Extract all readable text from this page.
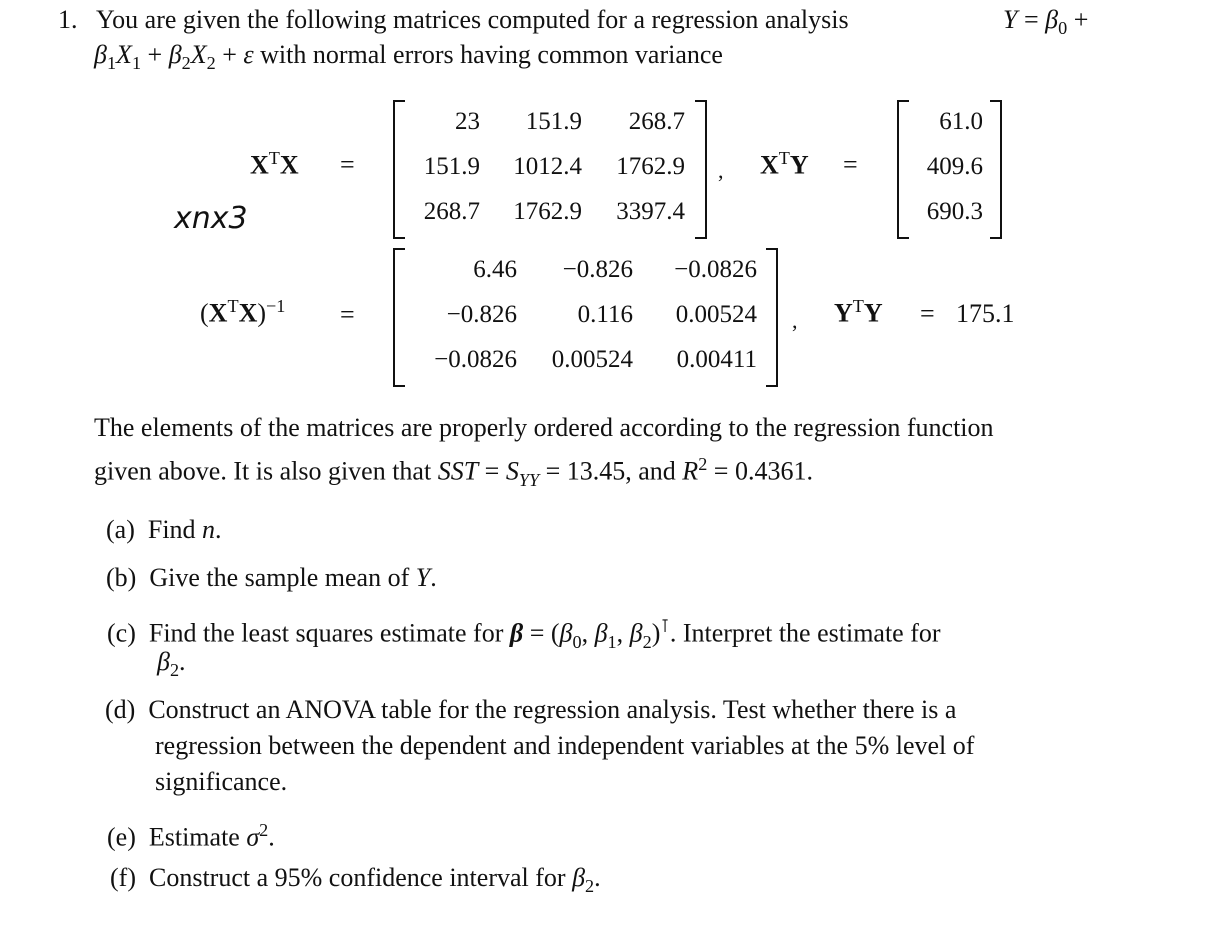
1. You are given the following matrices computed for a regression analysis	$Y = \beta_0$ +
$\beta_1X_1 + \beta_2X_2 + \varepsilon$ with normal errors having common variance
$X^TX$ =
23 151.9 268.7
151.9 1012.4 1762.9
268.7 1762.9 3397.4
, $X^TY$ =
61.0
409.6
690.3
xnx3
$(X^TX)^{-1}$ =
6.46 −0.826 −0.0826
−0.826 0.116 0.00524
−0.0826 0.00524 0.00411
, $Y^TY = 175.1$
The elements of the matrices are properly ordered according to the regression function
given above. It is also given that SST = $S_{YY} = 13.45$, and $R^2 = 0.4361$.
(a)  Find n.
(b)  Give the sample mean of Y.
(c)  Find the least squares estimate for $\beta = (\beta_0$, $\beta_1$, $\beta_2)^⊺$. Interpret the estimate for
$\beta_2$.
(d) Construct an ANOVA table for the regression analysis. Test whether there is a
regression between the dependent and independent variables at the 5% level of
significance.
(e)  Estimate $\sigma^2$.
(f)  Construct a 95% confidence interval for $\beta_2$.
